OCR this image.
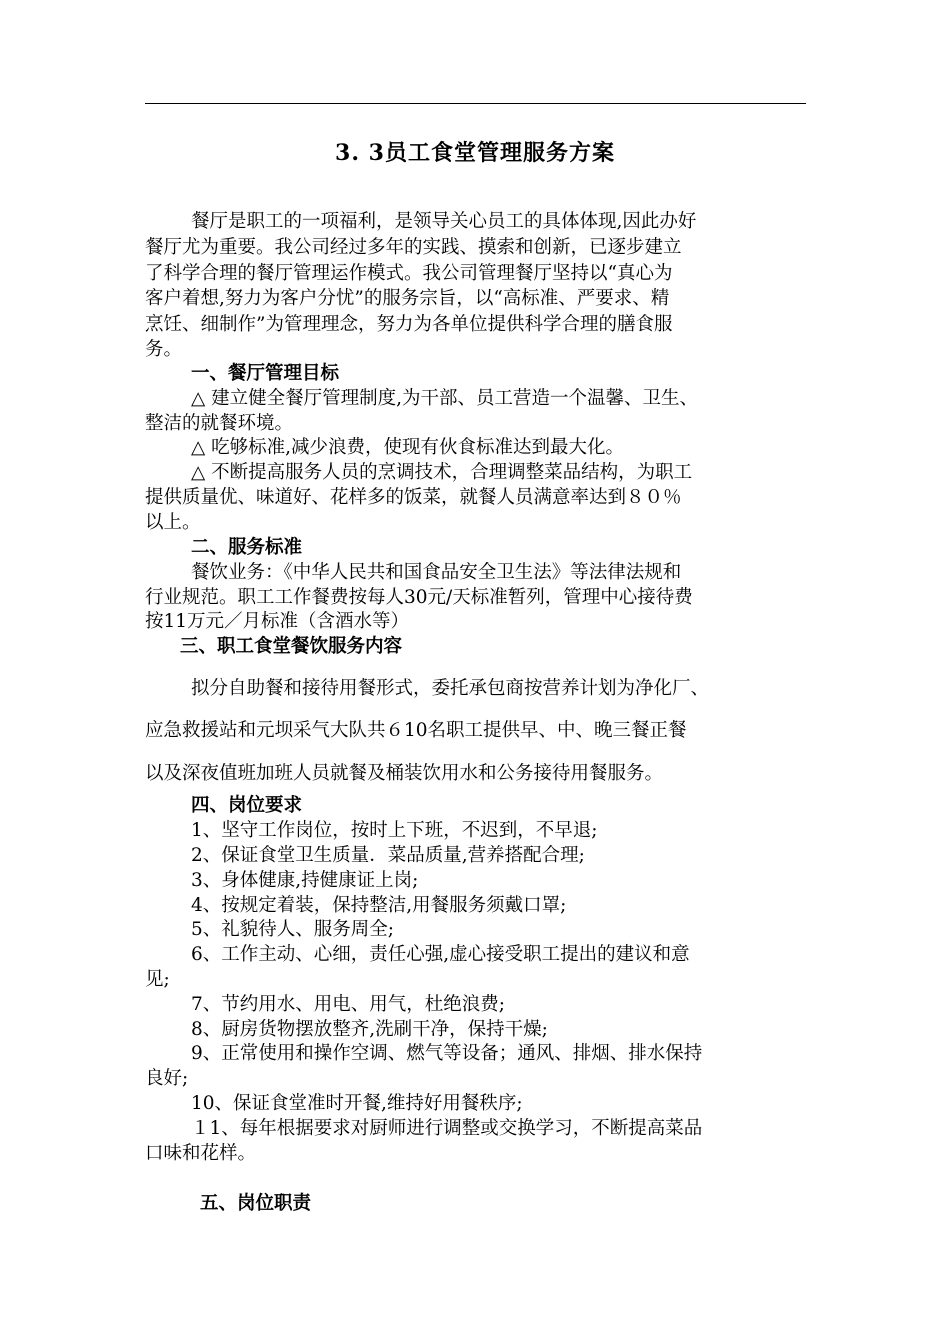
3. 3员工食堂管理服务方案
餐厅是职工的一项福利，是领导关心员工的具体体现,因此办好
餐厅尤为重要。我公司经过多年的实践、摸索和创新，已逐步建立
了科学合理的餐厅管理运作模式。我公司管理餐厅坚持以“真心为
客户着想,努力为客户分忧”的服务宗旨，以“高标准、严要求、精
烹饪、细制作”为管理理念，努力为各单位提供科学合理的膳食服
务。
一、餐厅管理目标
△ 建立健全餐厅管理制度,为干部、员工营造一个温馨、卫生、
整洁的就餐环境。
△ 吃够标准,减少浪费，使现有伙食标准达到最大化。
△ 不断提高服务人员的烹调技术，合理调整菜品结构，为职工
提供质量优、味道好、花样多的饭菜，就餐人员满意率达到８０％
以上。
二、服务标准
餐饮业务：《中华人民共和国食品安全卫生法》等法律法规和
行业规范。职工工作餐费按每人30元/天标准暂列，管理中心接待费
按11万元／月标准（含酒水等）
三、职工食堂餐饮服务内容
拟分自助餐和接待用餐形式，委托承包商按营养计划为净化厂、
应急救援站和元坝采气大队共６10名职工提供早、中、晚三餐正餐
以及深夜值班加班人员就餐及桶装饮用水和公务接待用餐服务。
四、岗位要求
1、坚守工作岗位，按时上下班，不迟到，不早退;
2、保证食堂卫生质量．菜品质量,营养搭配合理;
3、身体健康,持健康证上岗;
4、按规定着装，保持整洁,用餐服务须戴口罩;
5、礼貌待人、服务周全;
6、工作主动、心细，责任心强,虚心接受职工提出的建议和意
见;
7、节约用水、用电、用气，杜绝浪费;
8、厨房货物摆放整齐,洗刷干净，保持干燥;
9、正常使用和操作空调、燃气等设备；通风、排烟、排水保持
良好;
10、保证食堂准时开餐,维持好用餐秩序;
１1、每年根据要求对厨师进行调整或交换学习，不断提高菜品
口味和花样。
五、岗位职责
